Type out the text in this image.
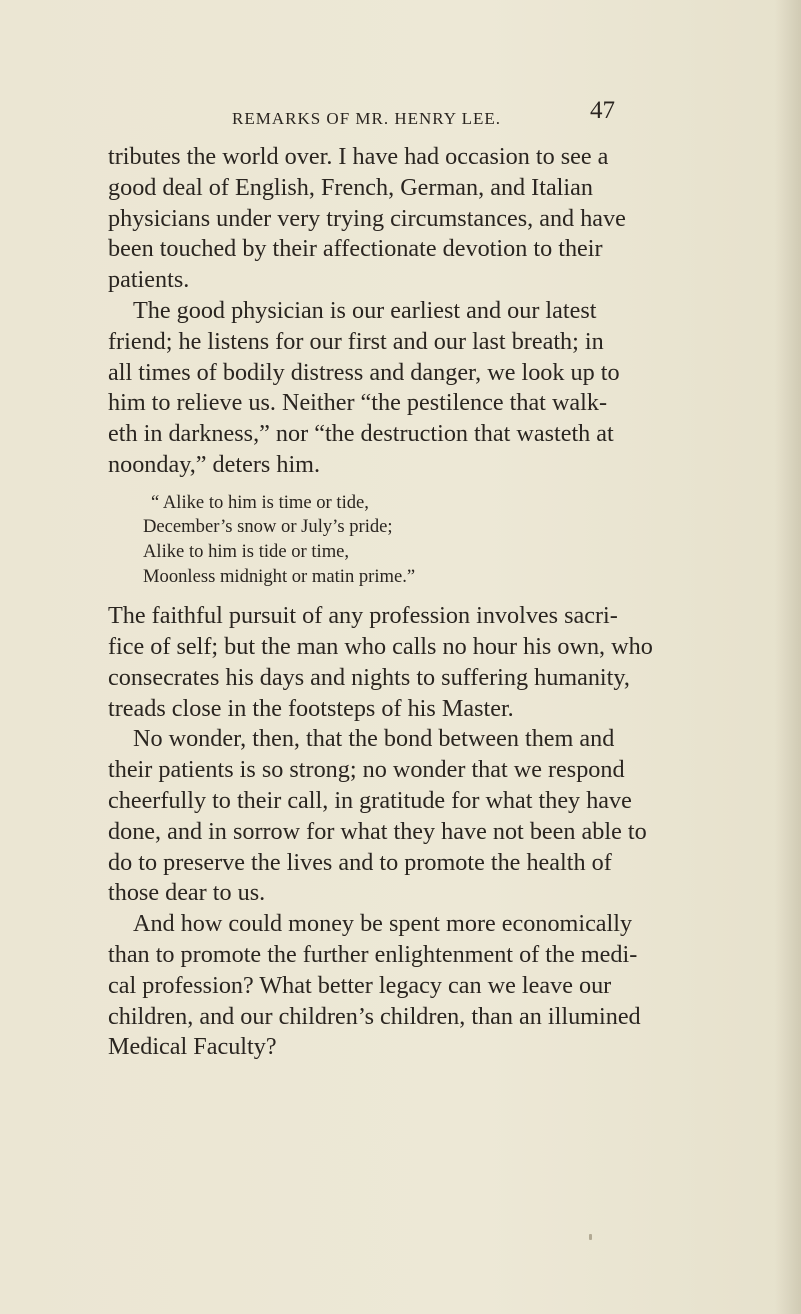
REMARKS OF MR. HENRY LEE.	47
tributes the world over. I have had occasion to see a
good deal of English, French, German, and Italian
physicians under very trying circumstances, and have
been touched by their affectionate devotion to their
patients.
The good physician is our earliest and our latest
friend; he listens for our first and our last breath; in
all times of bodily distress and danger, we look up to
him to relieve us. Neither “the pestilence that walk-
eth in darkness,” nor “the destruction that wasteth at
noonday,” deters him.
“ Alike to him is time or tide,
December’s snow or July’s pride;
Alike to him is tide or time,
Moonless midnight or matin prime.”
The faithful pursuit of any profession involves sacri-
fice of self; but the man who calls no hour his own, who
consecrates his days and nights to suffering humanity,
treads close in the footsteps of his Master.
No wonder, then, that the bond between them and
their patients is so strong; no wonder that we respond
cheerfully to their call, in gratitude for what they have
done, and in sorrow for what they have not been able to
do to preserve the lives and to promote the health of
those dear to us.
And how could money be spent more economically
than to promote the further enlightenment of the medi-
cal profession? What better legacy can we leave our
children, and our children’s children, than an illumined
Medical Faculty?
